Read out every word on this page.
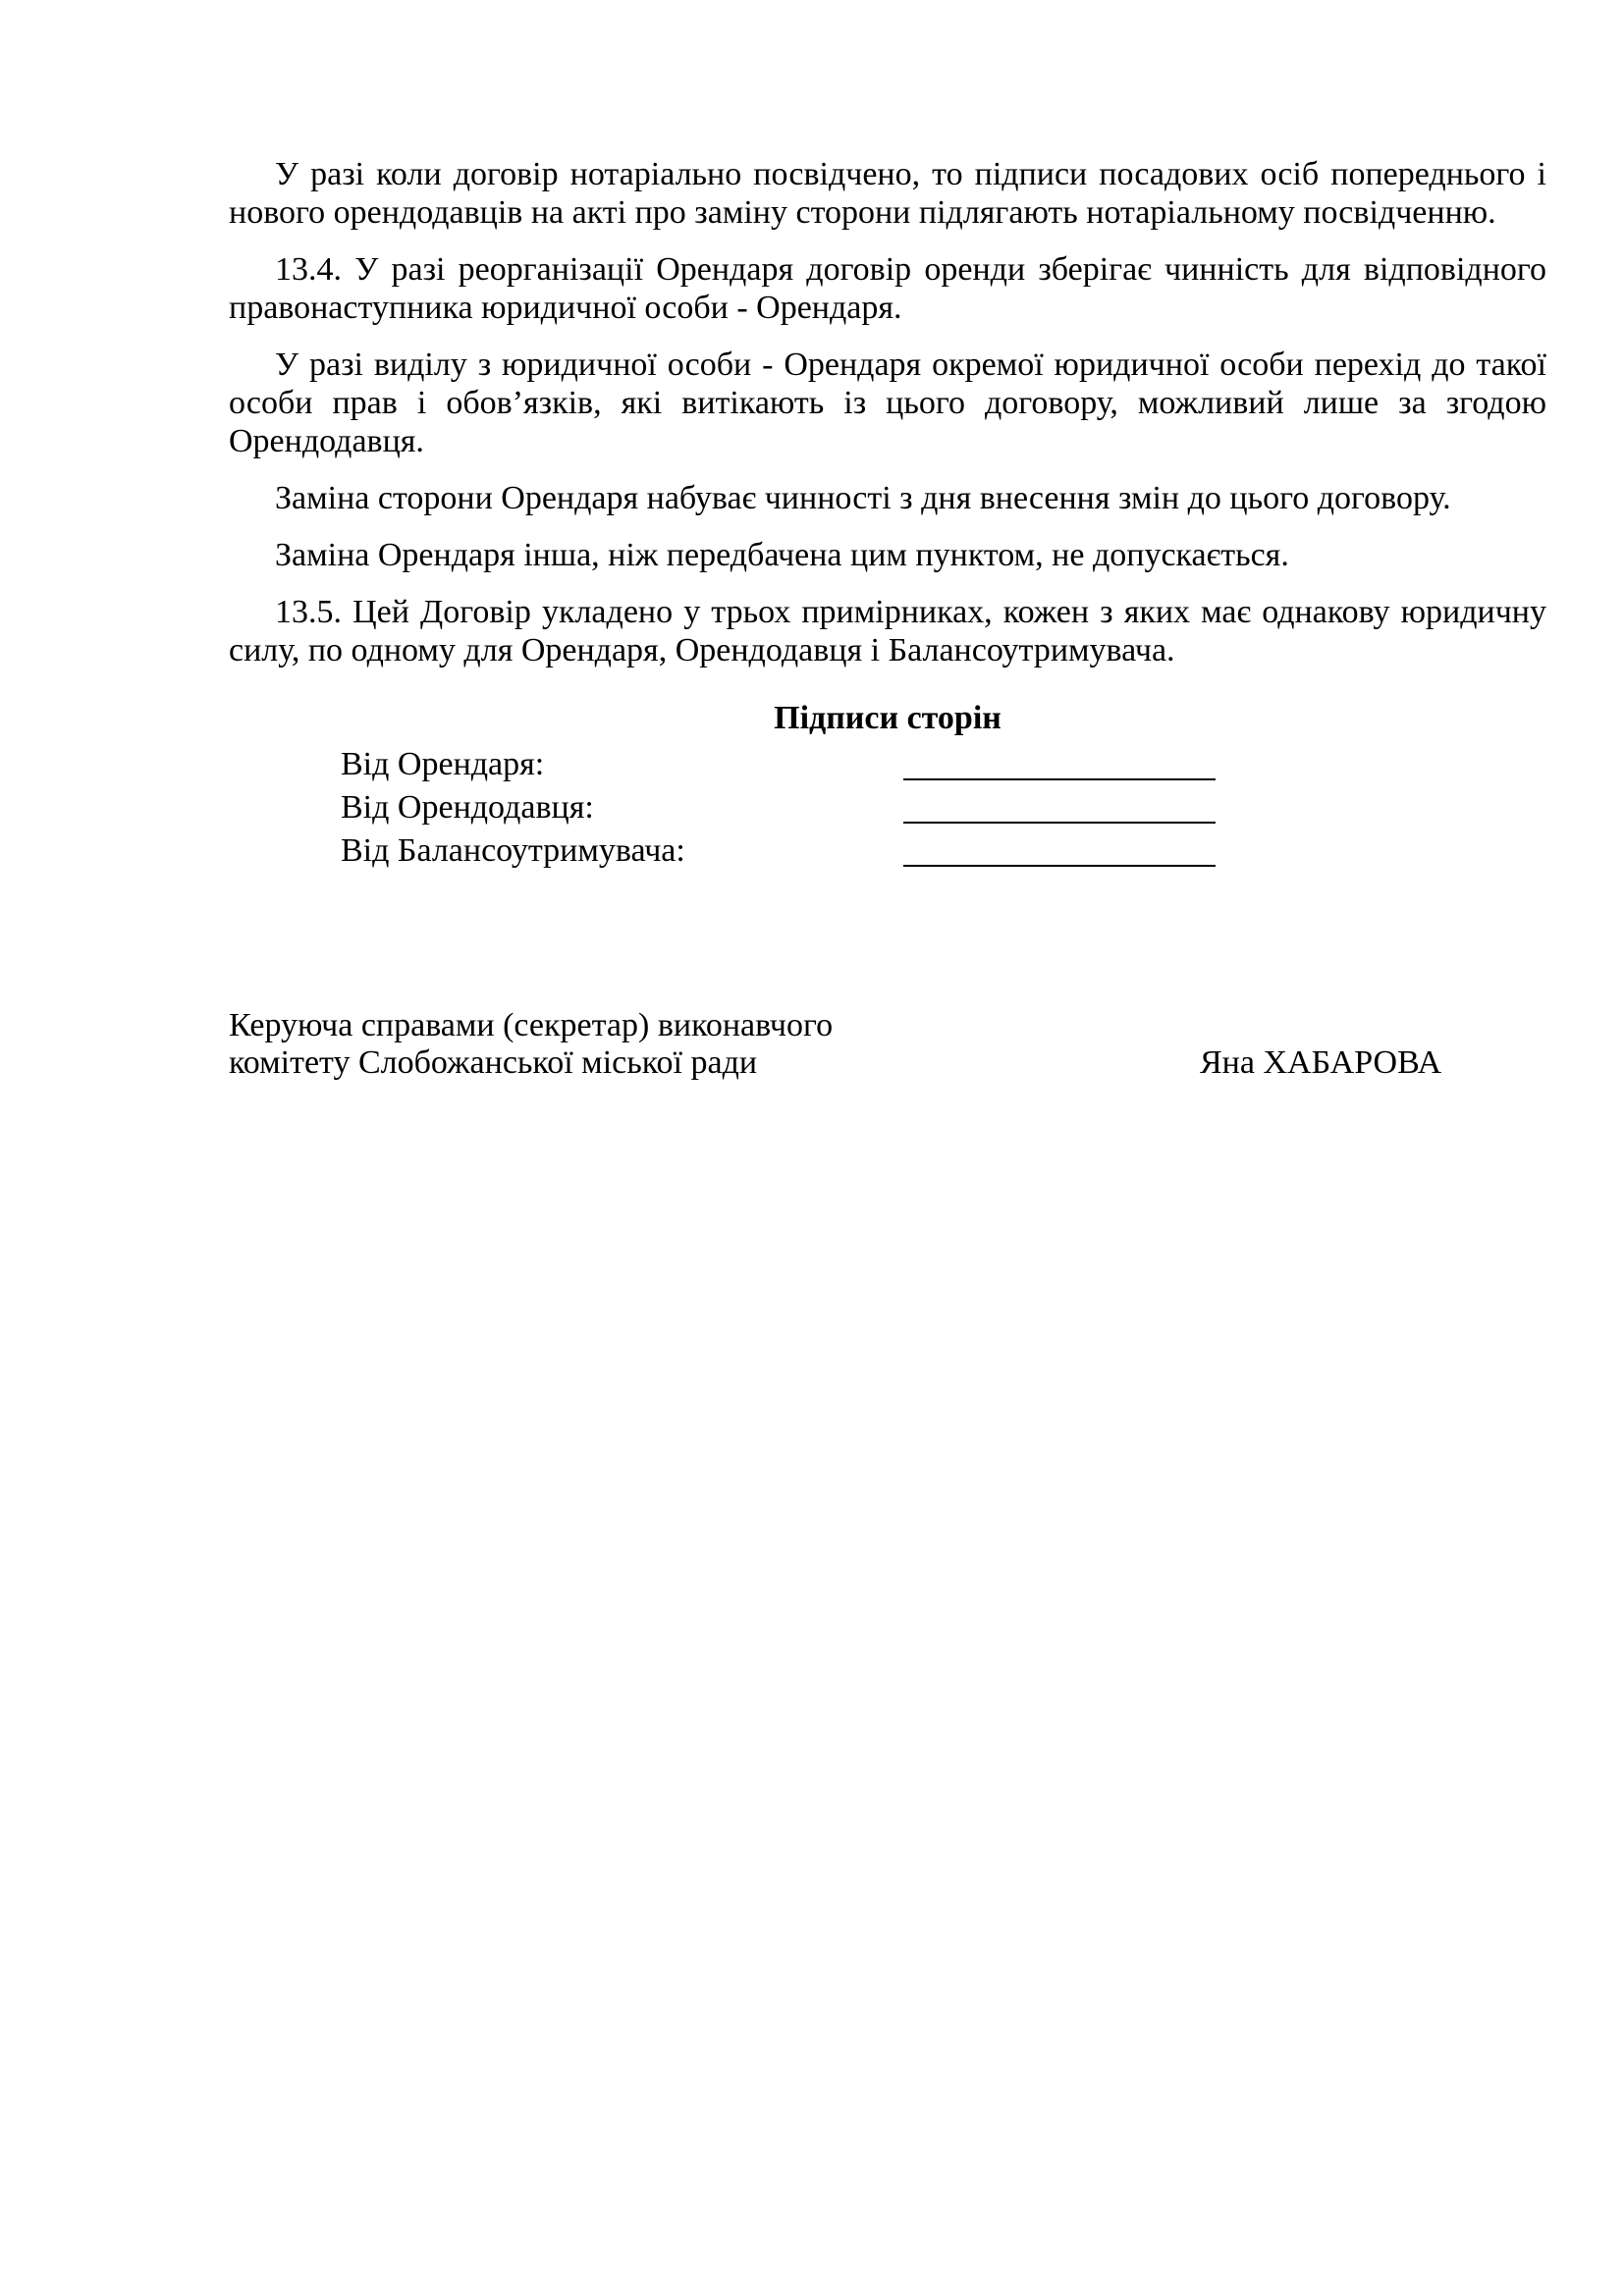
У разі коли договір нотаріально посвідчено, то підписи посадових осіб попереднього і нового орендодавців на акті про заміну сторони підлягають нотаріальному посвідченню.

13.4. У разі реорганізації Орендаря договір оренди зберігає чинність для відповідного правонаступника юридичної особи - Орендаря.

У разі виділу з юридичної особи - Орендаря окремої юридичної особи перехід до такої особи прав і обов’язків, які витікають із цього договору, можливий лише за згодою Орендодавця.

Заміна сторони Орендаря набуває чинності з дня внесення змін до цього договору.

Заміна Орендаря інша, ніж передбачена цим пунктом, не допускається.

13.5. Цей Договір укладено у трьох примірниках, кожен з яких має однакову юридичну силу, по одному для Орендаря, Орендодавця і Балансоутримувача.

Підписи сторін
Від Орендаря:
Від Орендодавця:
Від Балансоутримувача:
Керуюча справами (секретар) виконавчого
комітету Слобожанської міської ради	Яна ХАБАРОВА
